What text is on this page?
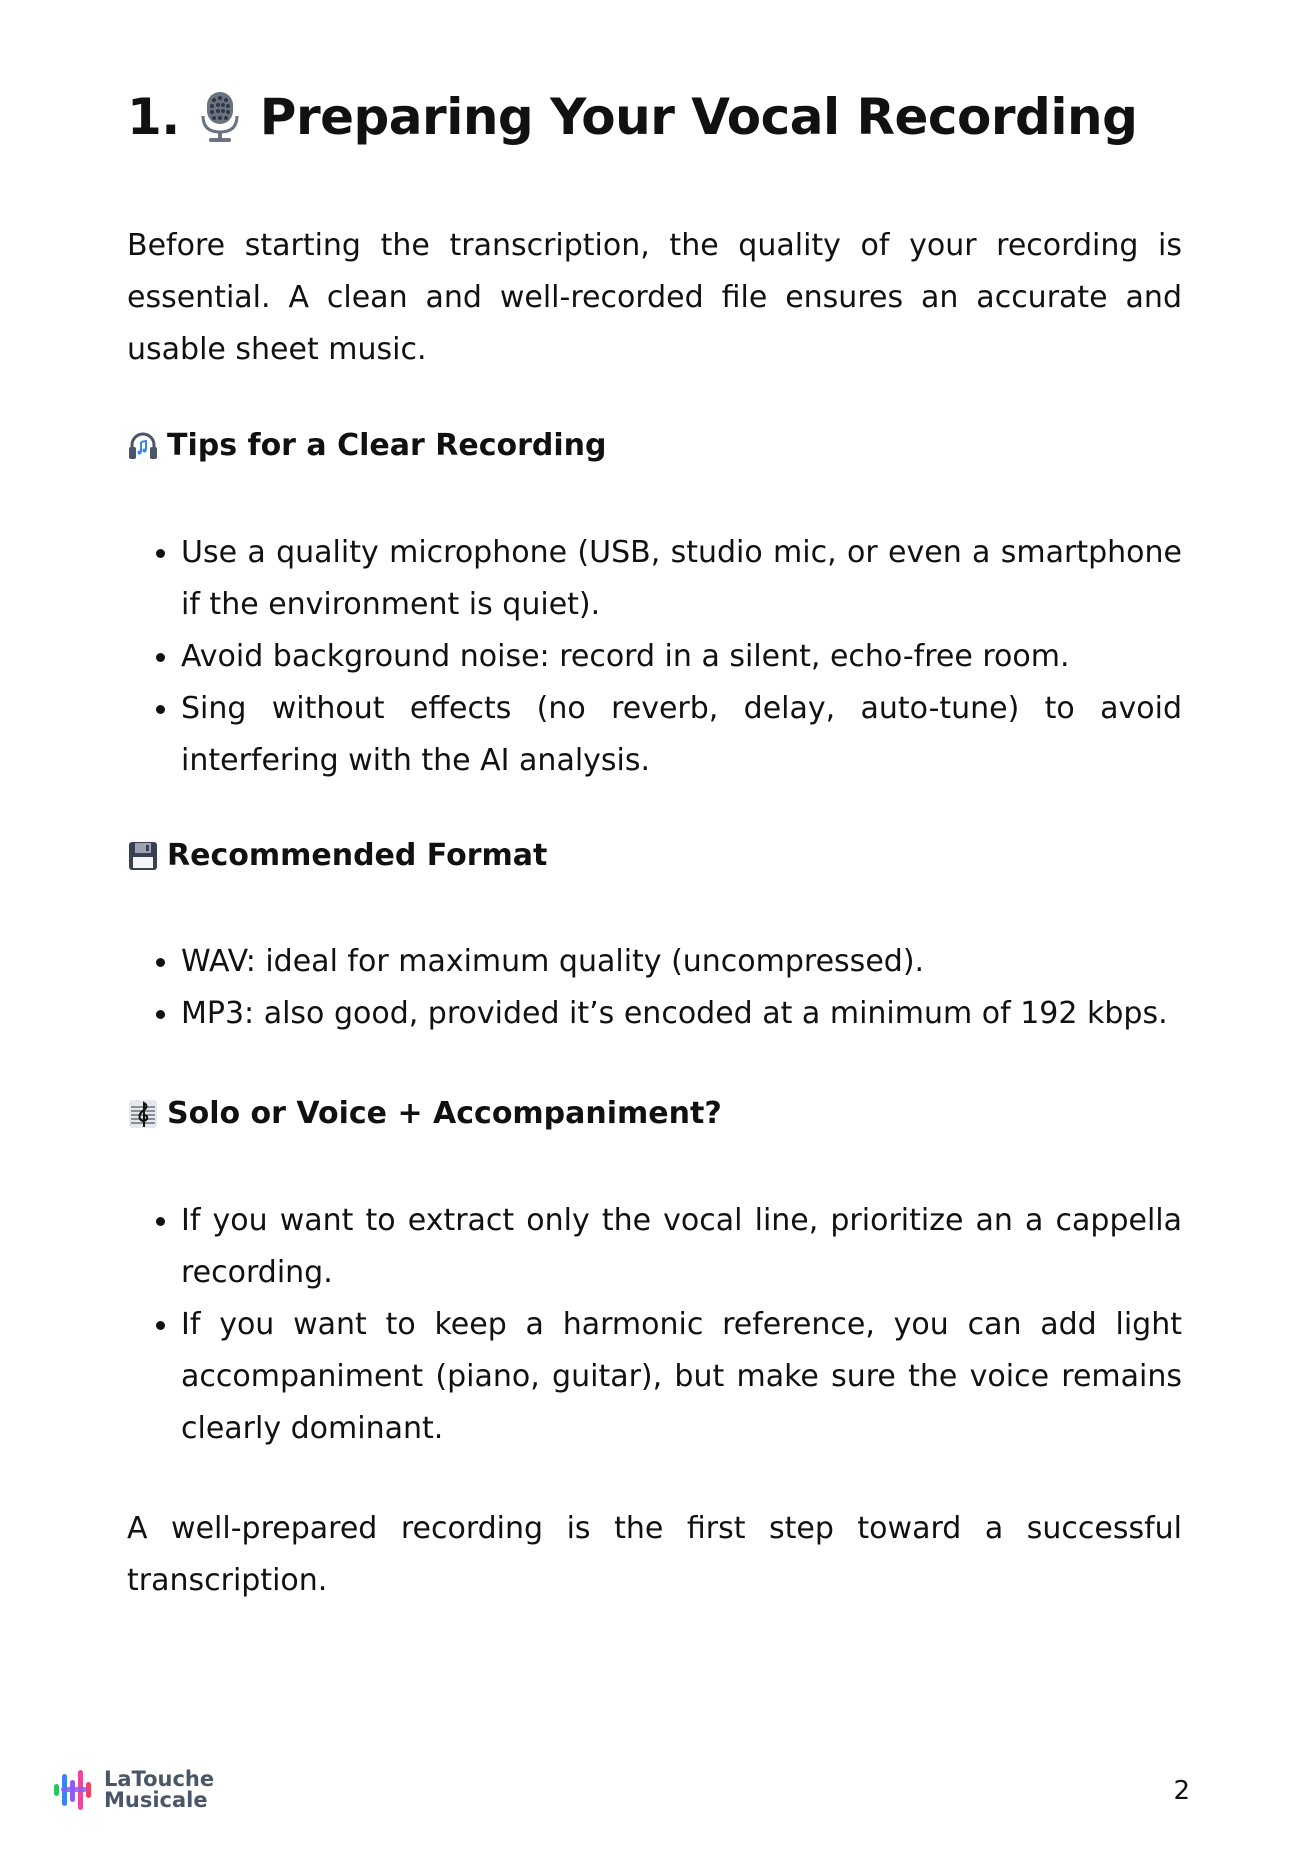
1. Preparing Your Vocal Recording

Before starting the transcription, the quality of your recording is essential. A clean and well-recorded file ensures an accurate and usable sheet music.

Tips for a Clear Recording
Use a quality microphone (USB, studio mic, or even a smartphone if the environment is quiet).
Avoid background noise: record in a silent, echo-free room.
Sing without effects (no reverb, delay, auto-tune) to avoid interfering with the AI analysis.
Recommended Format
WAV: ideal for maximum quality (uncompressed).
MP3: also good, provided it’s encoded at a minimum of 192 kbps.
Solo or Voice + Accompaniment?
If you want to extract only the vocal line, prioritize an a cappella recording.
If you want to keep a harmonic reference, you can add light accompaniment (piano, guitar), but make sure the voice remains clearly dominant.

A well-prepared recording is the first step toward a successful transcription.

LaTouche
Musicale	2
